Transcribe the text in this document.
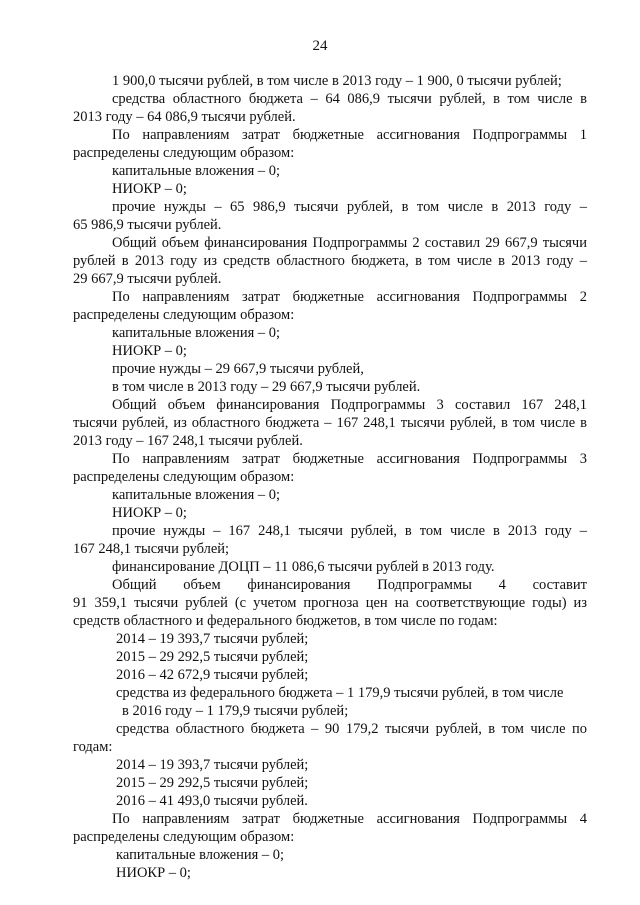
24
1 900,0 тысячи рублей, в том числе в 2013 году – 1 900, 0 тысячи рублей;
средства областного бюджета – 64 086,9 тысячи рублей, в том числе в
2013 году – 64 086,9 тысячи рублей.
По направлениям затрат бюджетные ассигнования Подпрограммы 1
распределены следующим образом:
капитальные вложения – 0;
НИОКР – 0;
прочие нужды – 65 986,9 тысячи рублей, в том числе в 2013 году –
65 986,9 тысячи рублей.
Общий объем финансирования Подпрограммы 2 составил 29 667,9 тысячи
рублей в 2013 году из средств областного бюджета, в том числе в 2013 году –
29 667,9 тысячи рублей.
По направлениям затрат бюджетные ассигнования Подпрограммы 2
распределены следующим образом:
капитальные вложения – 0;
НИОКР – 0;
прочие нужды – 29 667,9 тысячи рублей,
в том числе в 2013 году – 29 667,9 тысячи рублей.
Общий объем финансирования Подпрограммы 3 составил 167 248,1
тысячи рублей, из областного бюджета – 167 248,1 тысячи рублей, в том числе в
2013 году – 167 248,1 тысячи рублей.
По направлениям затрат бюджетные ассигнования Подпрограммы 3
распределены следующим образом:
капитальные вложения – 0;
НИОКР – 0;
прочие нужды – 167 248,1 тысячи рублей, в том числе в 2013 году –
167 248,1 тысячи рублей;
финансирование ДОЦП – 11 086,6 тысячи рублей в 2013 году.
Общий объем финансирования Подпрограммы 4 составит
91 359,1 тысячи рублей (с учетом прогноза цен на соответствующие годы) из
средств областного и федерального бюджетов, в том числе по годам:
2014 – 19 393,7 тысячи рублей;
2015 – 29 292,5 тысячи рублей;
2016 – 42 672,9 тысячи рублей;
средства из федерального бюджета – 1 179,9 тысячи рублей, в том числе
в 2016 году – 1 179,9 тысячи рублей;
средства областного бюджета – 90 179,2 тысячи рублей, в том числе по
годам:
2014 – 19 393,7 тысячи рублей;
2015 – 29 292,5 тысячи рублей;
2016 – 41 493,0 тысячи рублей.
По направлениям затрат бюджетные ассигнования Подпрограммы 4
распределены следующим образом:
капитальные вложения – 0;
НИОКР – 0;
